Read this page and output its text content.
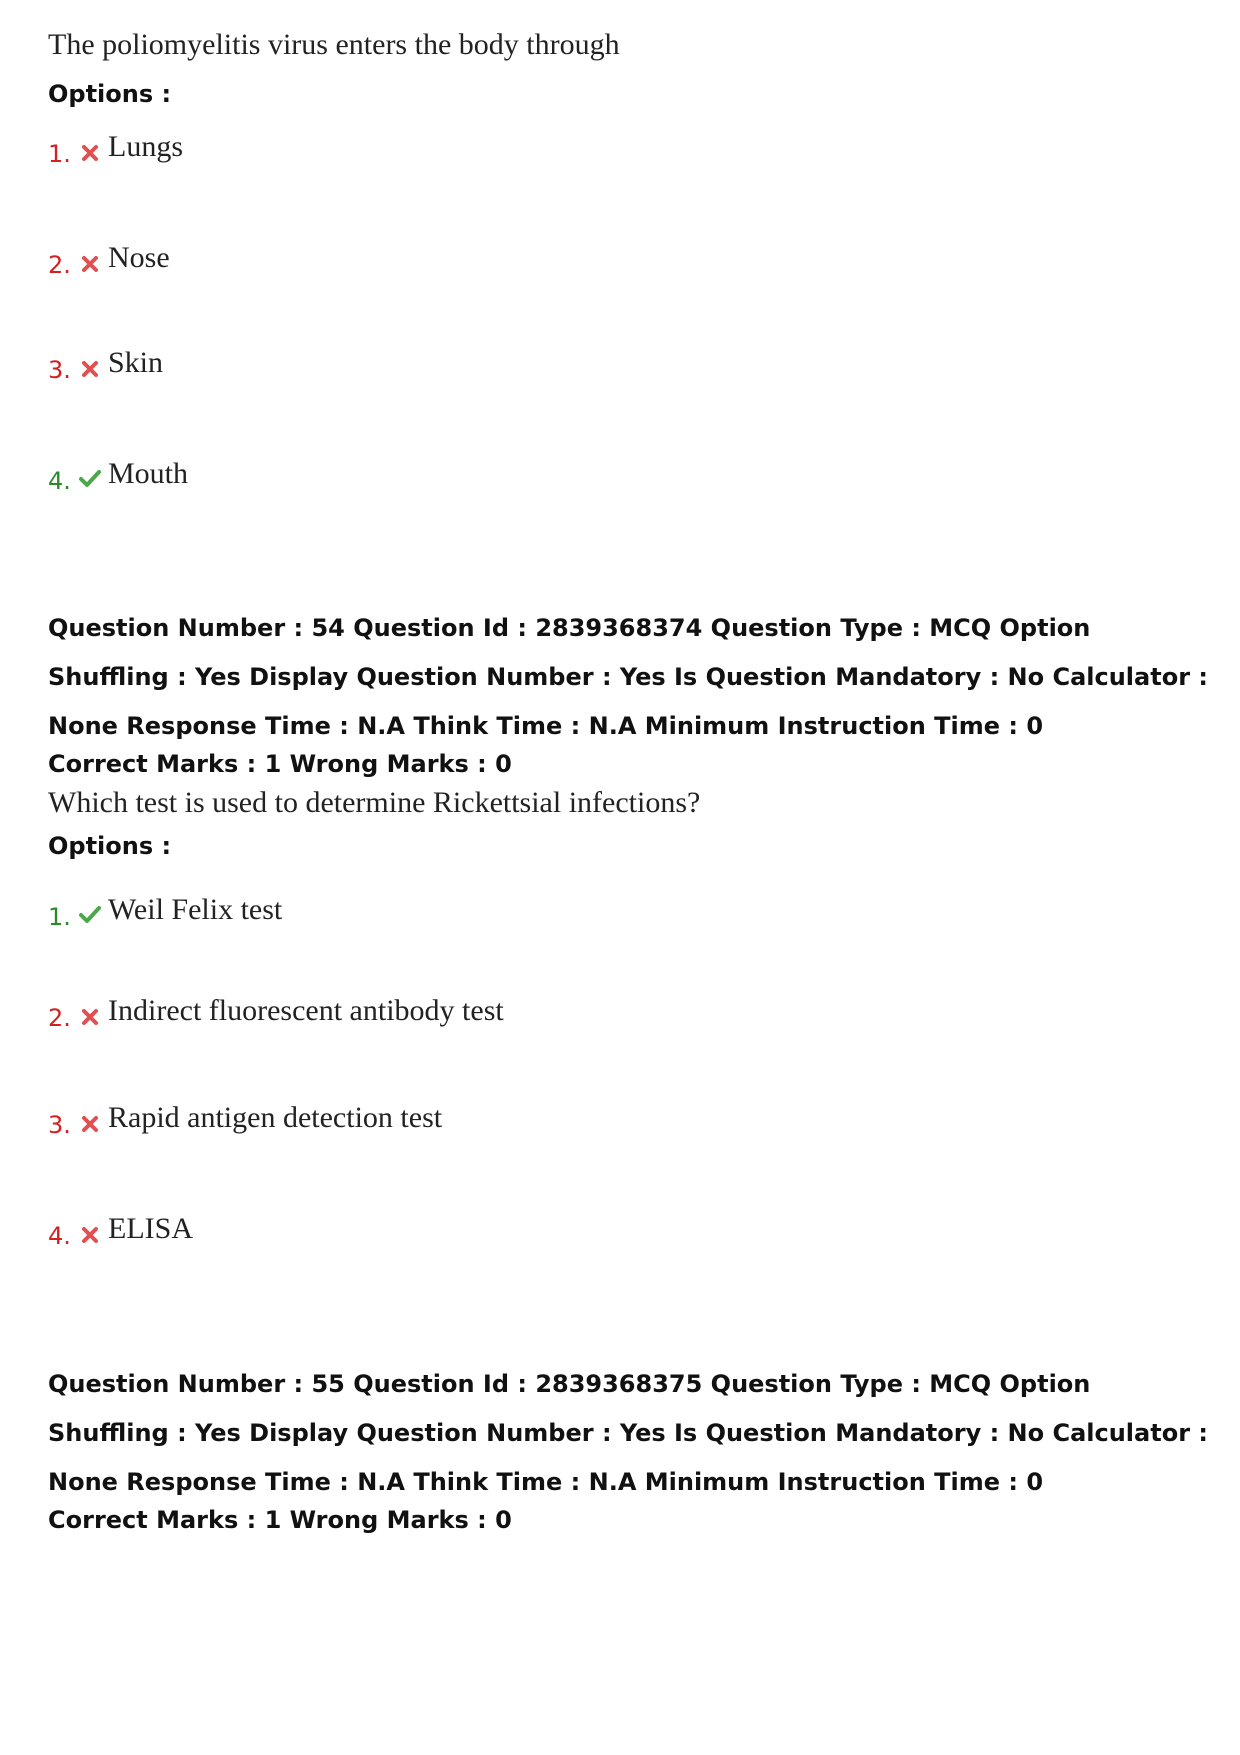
The poliomyelitis virus enters the body through
Options :
1. Lungs
2. Nose
3. Skin
4. Mouth
Question Number : 54 Question Id : 2839368374 Question Type : MCQ Option Shuffling : Yes Display Question Number : Yes Is Question Mandatory : No Calculator : None Response Time : N.A Think Time : N.A Minimum Instruction Time : 0
Correct Marks : 1 Wrong Marks : 0
Which test is used to determine Rickettsial infections?
Options :
1. Weil Felix test
2. Indirect fluorescent antibody test
3. Rapid antigen detection test
4. ELISA
Question Number : 55 Question Id : 2839368375 Question Type : MCQ Option Shuffling : Yes Display Question Number : Yes Is Question Mandatory : No Calculator : None Response Time : N.A Think Time : N.A Minimum Instruction Time : 0
Correct Marks : 1 Wrong Marks : 0
